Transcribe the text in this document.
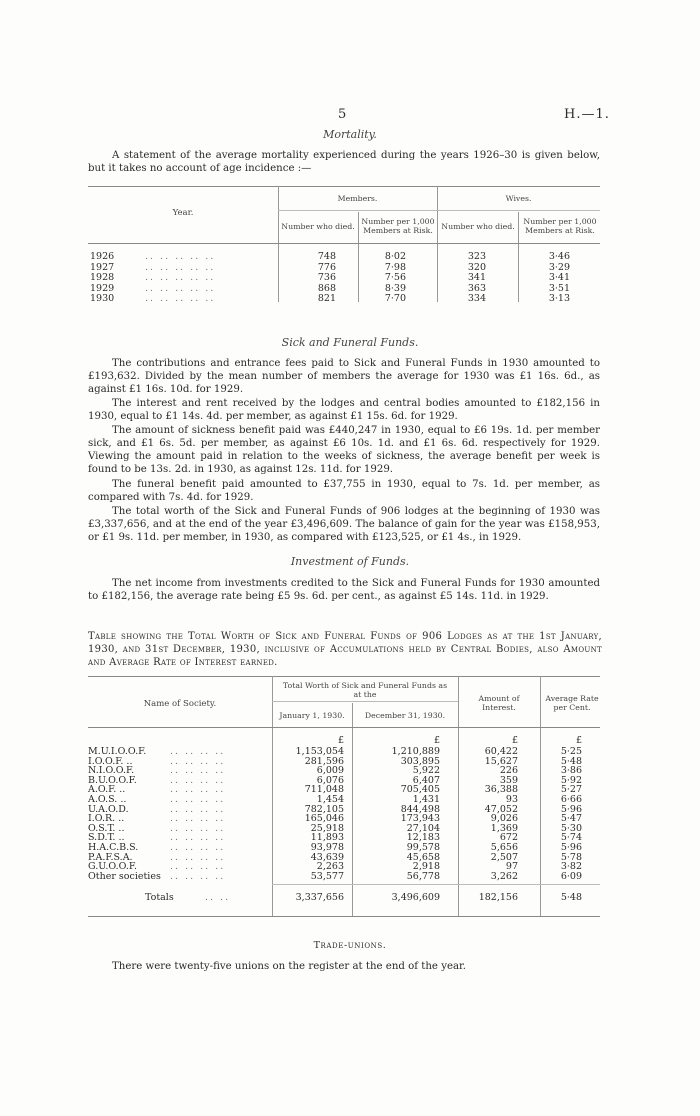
5	H.—1.
Mortality.

A statement of the average mortality experienced during the years 1926–30 is given below, but it takes no account of age incidence :—

Year.
Members.	Wives.
Number who died.
Number per 1,000 Members at Risk.	Number who died.
Number per 1,000 Members at Risk.
1926	.. .. .. .. ..	748	8·02	323	3·46
1927	.. .. .. .. ..	776	7·98	320	3·29
1928	.. .. .. .. ..	736	7·56	341	3·41
1929	.. .. .. .. ..	868	8·39	363	3·51
1930	.. .. .. .. ..	821	7·70	334	3·13
Sick and Funeral Funds.

The contributions and entrance fees paid to Sick and Funeral Funds in 1930 amounted to £193,632. Divided by the mean number of members the average for 1930 was £1 16s. 6d., as against £1 16s. 10d. for 1929.

The interest and rent received by the lodges and central bodies amounted to £182,156 in 1930, equal to £1 14s. 4d. per member, as against £1 15s. 6d. for 1929.

The amount of sickness benefit paid was £440,247 in 1930, equal to £6 19s. 1d. per member sick, and £1 6s. 5d. per member, as against £6 10s. 1d. and £1 6s. 6d. respectively for 1929. Viewing the amount paid in relation to the weeks of sickness, the average benefit per week is found to be 13s. 2d. in 1930, as against 12s. 11d. for 1929.

The funeral benefit paid amounted to £37,755 in 1930, equal to 7s. 1d. per member, as compared with 7s. 4d. for 1929.

The total worth of the Sick and Funeral Funds of 906 lodges at the beginning of 1930 was £3,337,656, and at the end of the year £3,496,609. The balance of gain for the year was £158,953, or £1 9s. 11d. per member, in 1930, as compared with £123,525, or £1 4s., in 1929.

Investment of Funds.

The net income from investments credited to the Sick and Funeral Funds for 1930 amounted to £182,156, the average rate being £5 9s. 6d. per cent., as against £5 14s. 11d. in 1929.

Table showing the Total Worth of Sick and Funeral Funds of 906 Lodges as at the 1st January, 1930, and 31st December, 1930, inclusive of Accumulations held by Central Bodies, also Amount and Average Rate of Interest earned.

Name of Society.
Total Worth of Sick and Funeral Funds as at the
January 1, 1930.	December 31, 1930.
Amount of Interest.
Average Rate per Cent.
£	£	£	£
M.U.I.O.O.F. .. .. .. ..	1,153,054	1,210,889	60,422	5·25
I.O.O.F. ..	.. .. .. ..	281,596	303,895	15,627	5·48
N.I.O.O.F.	.. .. .. ..	6,009	5,922	226	3·86
B.U.O.O.F.	.. .. .. ..	6,076	6,407	359	5·92
A.O.F. ..	.. .. .. ..	711,048	705,405	36,388	5·27
A.O.S. ..	.. .. .. ..	1,454	1,431	93	6·66
U.A.O.D.	.. .. .. ..	782,105	844,498	47,052	5·96
I.O.R. ..	.. .. .. ..	165,046	173,943	9,026	5·47
O.S.T. ..	.. .. .. ..	25,918	27,104	1,369	5·30
S.D.T. ..	.. .. .. ..	11,893	12,183	672	5·74
H.A.C.B.S.	.. .. .. ..	93,978	99,578	5,656	5·96
P.A.F.S.A.	.. .. .. ..	43,639	45,658	2,507	5·78
G.U.O.O.F.	.. .. .. ..	2,263	2,918	97	3·82
Other societies .. .. .. ..	53,577	56,778	3,262	6·09
Totals	.. ..	3,337,656	3,496,609	182,156	5·48
Trade-unions.

There were twenty-five unions on the register at the end of the year.
